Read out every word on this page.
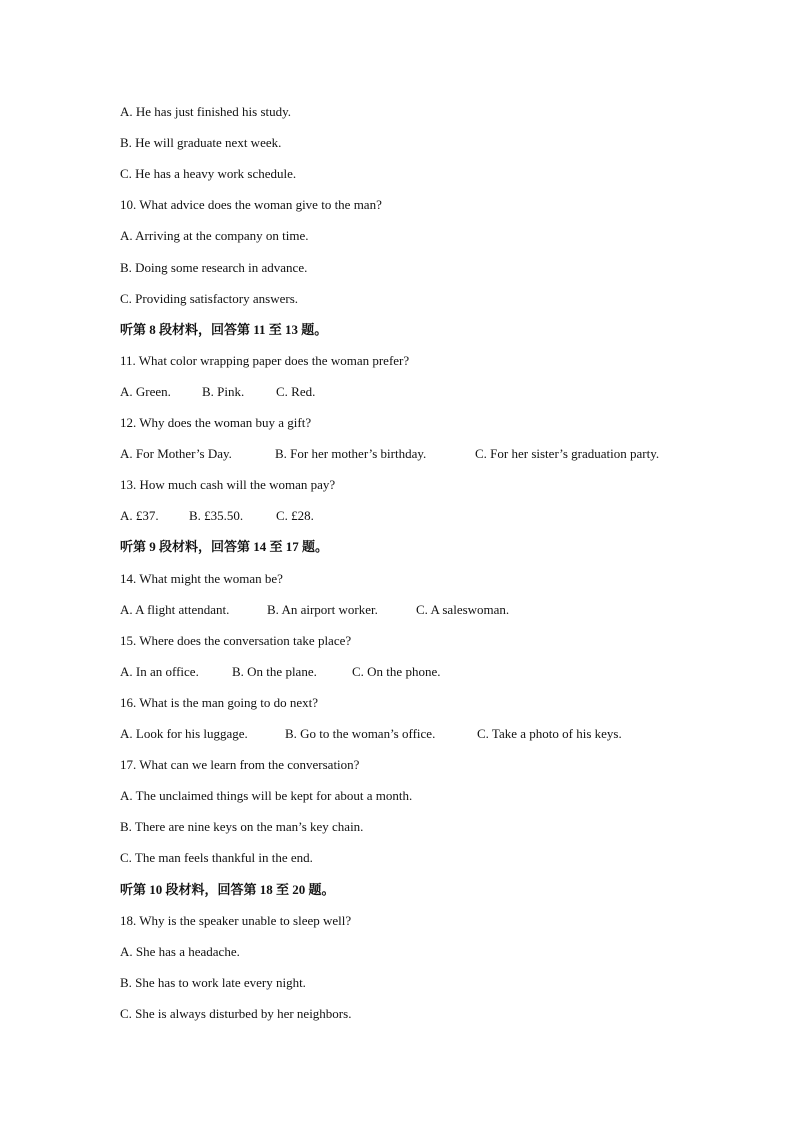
A. He has just finished his study.
B. He will graduate next week.
C. He has a heavy work schedule.
10. What advice does the woman give to the man?
A. Arriving at the company on time.
B. Doing some research in advance.
C. Providing satisfactory answers.
听第 8 段材料，回答第 11 至 13 题。
11. What color wrapping paper does the woman prefer?
A. Green. B. Pink. C. Red.
12. Why does the woman buy a gift?
A. For Mother’s Day.	B. For her mother’s birthday.	C. For her sister’s graduation party.
13. How much cash will the woman pay?
A. £37. B. £35.50.	C. £28.
听第 9 段材料，回答第 14 至 17 题。
14. What might the woman be?
A. A flight attendant.	B. An airport worker.	C. A saleswoman.
15. Where does the conversation take place?
A. In an office.	B. On the plane.	C. On the phone.
16. What is the man going to do next?
A. Look for his luggage.	B. Go to the woman’s office.	C. Take a photo of his keys.
17. What can we learn from the conversation?
A. The unclaimed things will be kept for about a month.
B. There are nine keys on the man’s key chain.
C. The man feels thankful in the end.
听第 10 段材料，回答第 18 至 20 题。
18. Why is the speaker unable to sleep well?
A. She has a headache.
B. She has to work late every night.
C. She is always disturbed by her neighbors.
